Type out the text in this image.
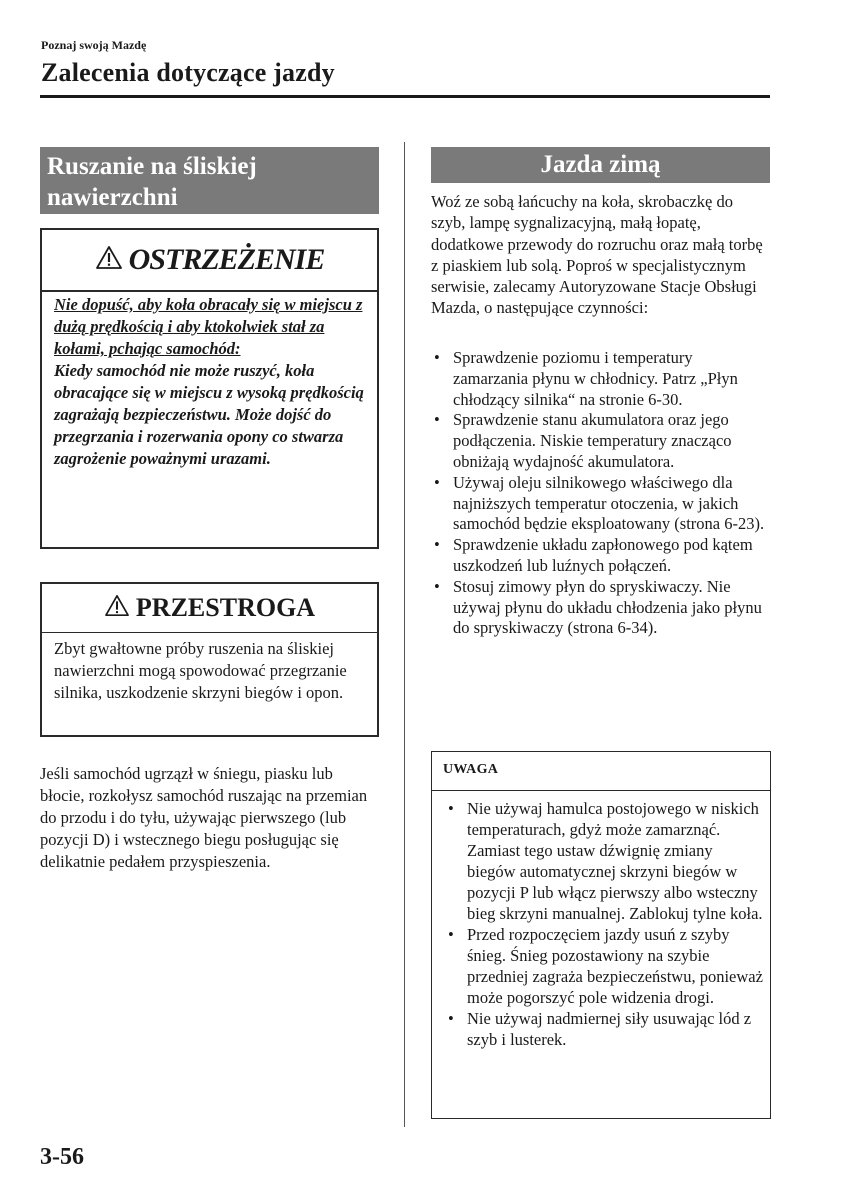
Poznaj swoją Mazdę
Zalecenia dotyczące jazdy
Ruszanie na śliskiej nawierzchni
OSTRZEŻENIE
Nie dopuść, aby koła obracały się w miejscu z dużą prędkością i aby ktokolwiek stał za kołami, pchając samochód:
Kiedy samochód nie może ruszyć, koła obracające się w miejscu z wysoką prędkością zagrażają bezpieczeństwu. Może dojść do przegrzania i rozerwania opony co stwarza zagrożenie poważnymi urazami.
PRZESTROGA
Zbyt gwałtowne próby ruszenia na śliskiej nawierzchni mogą spowodować przegrzanie silnika, uszkodzenie skrzyni biegów i opon.
Jeśli samochód ugrzązł w śniegu, piasku lub błocie, rozkołysz samochód ruszając na przemian do przodu i do tyłu, używając pierwszego (lub pozycji D) i wstecznego biegu posługując się delikatnie pedałem przyspieszenia.
Jazda zimą
Woź ze sobą łańcuchy na koła, skrobaczkę do szyb, lampę sygnalizacyjną, małą łopatę, dodatkowe przewody do rozruchu oraz małą torbę z piaskiem lub solą. Poproś w specjalistycznym serwisie, zalecamy Autoryzowane Stacje Obsługi Mazda, o następujące czynności:
• Sprawdzenie poziomu i temperatury zamarzania płynu w chłodnicy. Patrz „Płyn chłodzący silnika“ na stronie 6-30.
• Sprawdzenie stanu akumulatora oraz jego podłączenia. Niskie temperatury znacząco obniżają wydajność akumulatora.
• Używaj oleju silnikowego właściwego dla najniższych temperatur otoczenia, w jakich samochód będzie eksploatowany (strona 6-23).
• Sprawdzenie układu zapłonowego pod kątem uszkodzeń lub luźnych połączeń.
• Stosuj zimowy płyn do spryskiwaczy. Nie używaj płynu do układu chłodzenia jako płynu do spryskiwaczy (strona 6-34).
UWAGA
• Nie używaj hamulca postojowego w niskich temperaturach, gdyż może zamarznąć.
Zamiast tego ustaw dźwignię zmiany biegów automatycznej skrzyni biegów w pozycji P lub włącz pierwszy albo wsteczny bieg skrzyni manualnej. Zablokuj tylne koła.
• Przed rozpoczęciem jazdy usuń z szyby śnieg. Śnieg pozostawiony na szybie przedniej zagraża bezpieczeństwu, ponieważ może pogorszyć pole widzenia drogi.
• Nie używaj nadmiernej siły usuwając lód z szyb i lusterek.
3-56
